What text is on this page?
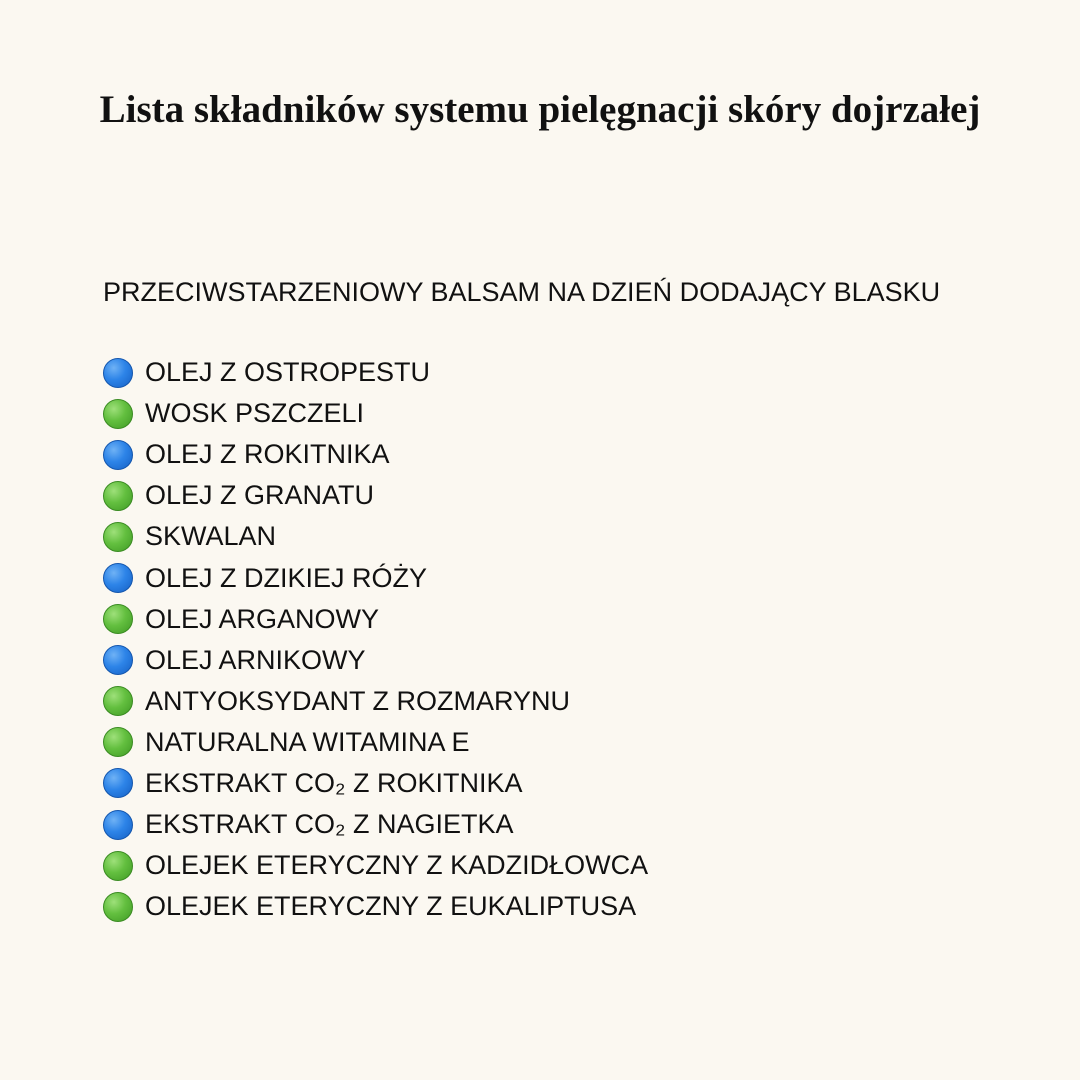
Lista składników systemu pielęgnacji skóry dojrzałej

PRZECIWSTARZENIOWY BALSAM NA DZIEŃ DODAJĄCY BLASKU

OLEJ Z OSTROPESTU
WOSK PSZCZELI
OLEJ Z ROKITNIKA
OLEJ Z GRANATU
SKWALAN
OLEJ Z DZIKIEJ RÓŻY
OLEJ ARGANOWY
OLEJ ARNIKOWY
ANTYOKSYDANT Z ROZMARYNU
NATURALNA WITAMINA E
EKSTRAKT CO₂ Z ROKITNIKA
EKSTRAKT CO₂ Z NAGIETKA
OLEJEK ETERYCZNY Z KADZIDŁOWCA
OLEJEK ETERYCZNY Z EUKALIPTUSA
